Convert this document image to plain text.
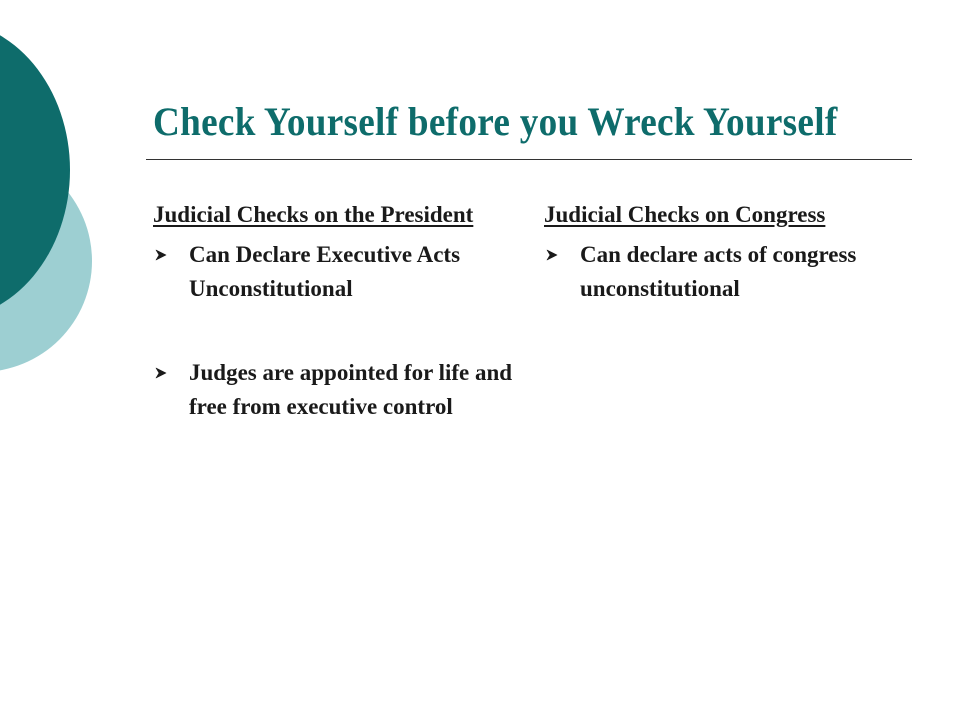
Check Yourself before you Wreck Yourself
Judicial Checks on the President
Can Declare Executive Acts Unconstitutional
Judges are appointed for life and free from executive control
Judicial Checks on Congress
Can declare acts of congress unconstitutional
